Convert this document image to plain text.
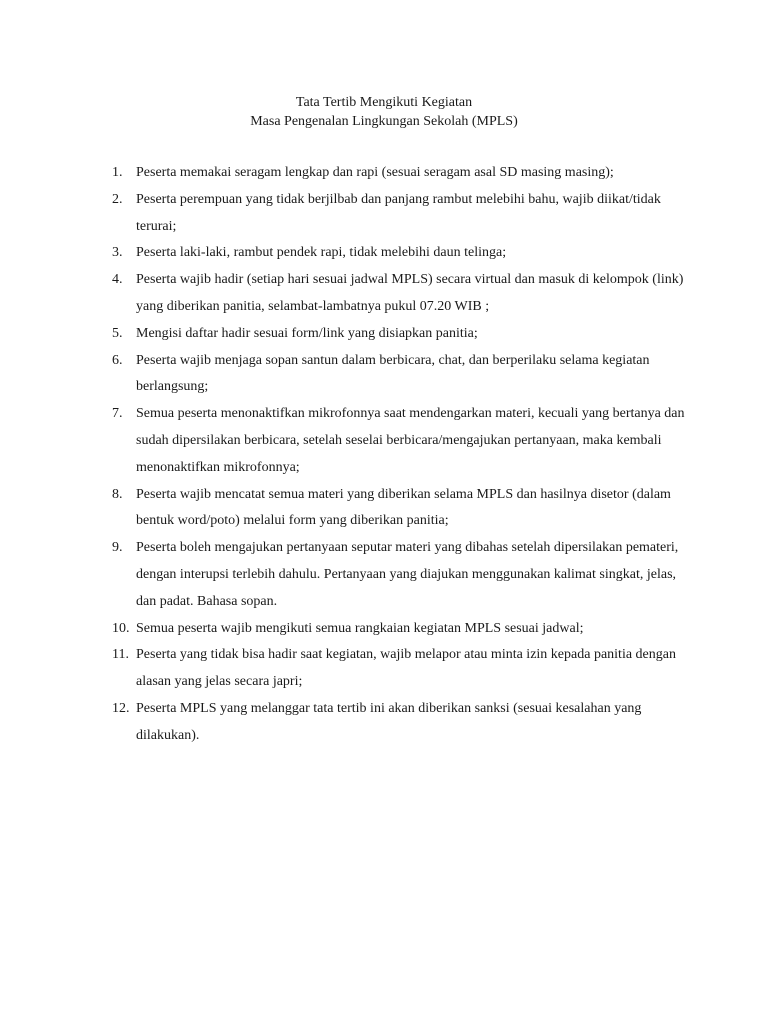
Tata Tertib Mengikuti Kegiatan
Masa Pengenalan Lingkungan Sekolah (MPLS)
1. Peserta memakai seragam lengkap dan rapi (sesuai seragam asal SD masing masing);
2. Peserta perempuan yang tidak berjilbab dan panjang rambut melebihi bahu, wajib diikat/tidak terurai;
3. Peserta laki-laki, rambut pendek rapi, tidak melebihi daun telinga;
4. Peserta wajib hadir (setiap hari sesuai jadwal MPLS) secara virtual dan masuk di kelompok (link) yang diberikan panitia, selambat-lambatnya pukul 07.20 WIB ;
5. Mengisi daftar hadir sesuai form/link yang disiapkan panitia;
6. Peserta wajib menjaga sopan santun dalam berbicara, chat, dan berperilaku selama kegiatan berlangsung;
7. Semua peserta menonaktifkan mikrofonnya saat mendengarkan materi, kecuali yang bertanya dan sudah dipersilakan berbicara, setelah seselai berbicara/mengajukan pertanyaan, maka kembali menonaktifkan mikrofonnya;
8. Peserta wajib mencatat semua materi yang diberikan selama MPLS dan hasilnya disetor (dalam bentuk word/poto) melalui form yang diberikan panitia;
9. Peserta boleh mengajukan pertanyaan seputar materi yang dibahas setelah dipersilakan pemateri, dengan interupsi terlebih dahulu. Pertanyaan yang diajukan menggunakan kalimat singkat, jelas, dan padat. Bahasa sopan.
10. Semua peserta wajib mengikuti semua rangkaian kegiatan MPLS sesuai jadwal;
11. Peserta yang tidak bisa hadir saat kegiatan, wajib melapor atau minta izin kepada panitia dengan alasan yang jelas secara japri;
12. Peserta MPLS yang melanggar tata tertib ini akan diberikan sanksi (sesuai kesalahan yang dilakukan).
